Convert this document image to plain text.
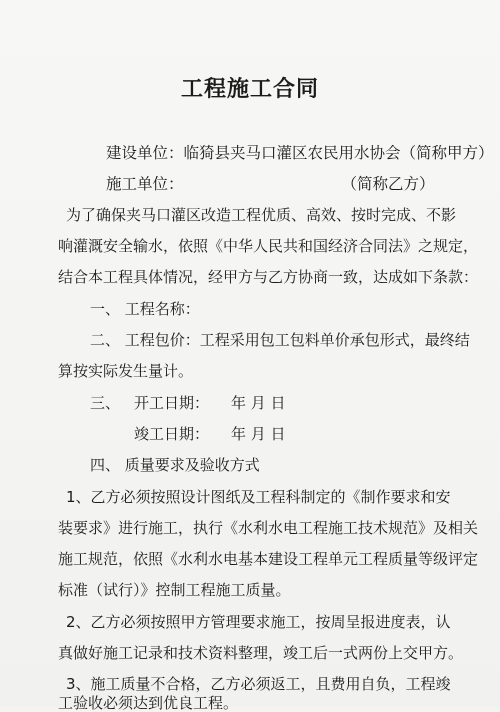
工程施工合同
建设单位：临猗县夹马口灌区农民用水协会（简称甲方）
施工单位：	（简称乙方）
为了确保夹马口灌区改造工程优质、高效、按时完成、不影
响灌溉安全输水，依照《中华人民共和国经济合同法》之规定，
结合本工程具体情况，经甲方与乙方协商一致，达成如下条款：
一、 工程名称：
二、 工程包价：工程采用包工包料单价承包形式，最终结
算按实际发生量计。
三、 开工日期： 年 月 日
竣工日期： 年 月 日
四、 质量要求及验收方式
1、乙方必须按照设计图纸及工程科制定的《制作要求和安
装要求》进行施工，执行《水利水电工程施工技术规范》及相关
施工规范，依照《水利水电基本建设工程单元工程质量等级评定
标准（试行）》控制工程施工质量。
2、乙方必须按照甲方管理要求施工，按周呈报进度表，认
真做好施工记录和技术资料整理，竣工后一式两份上交甲方。
3、施工质量不合格，乙方必须返工，且费用自负，工程竣
工验收必须达到优良工程。
